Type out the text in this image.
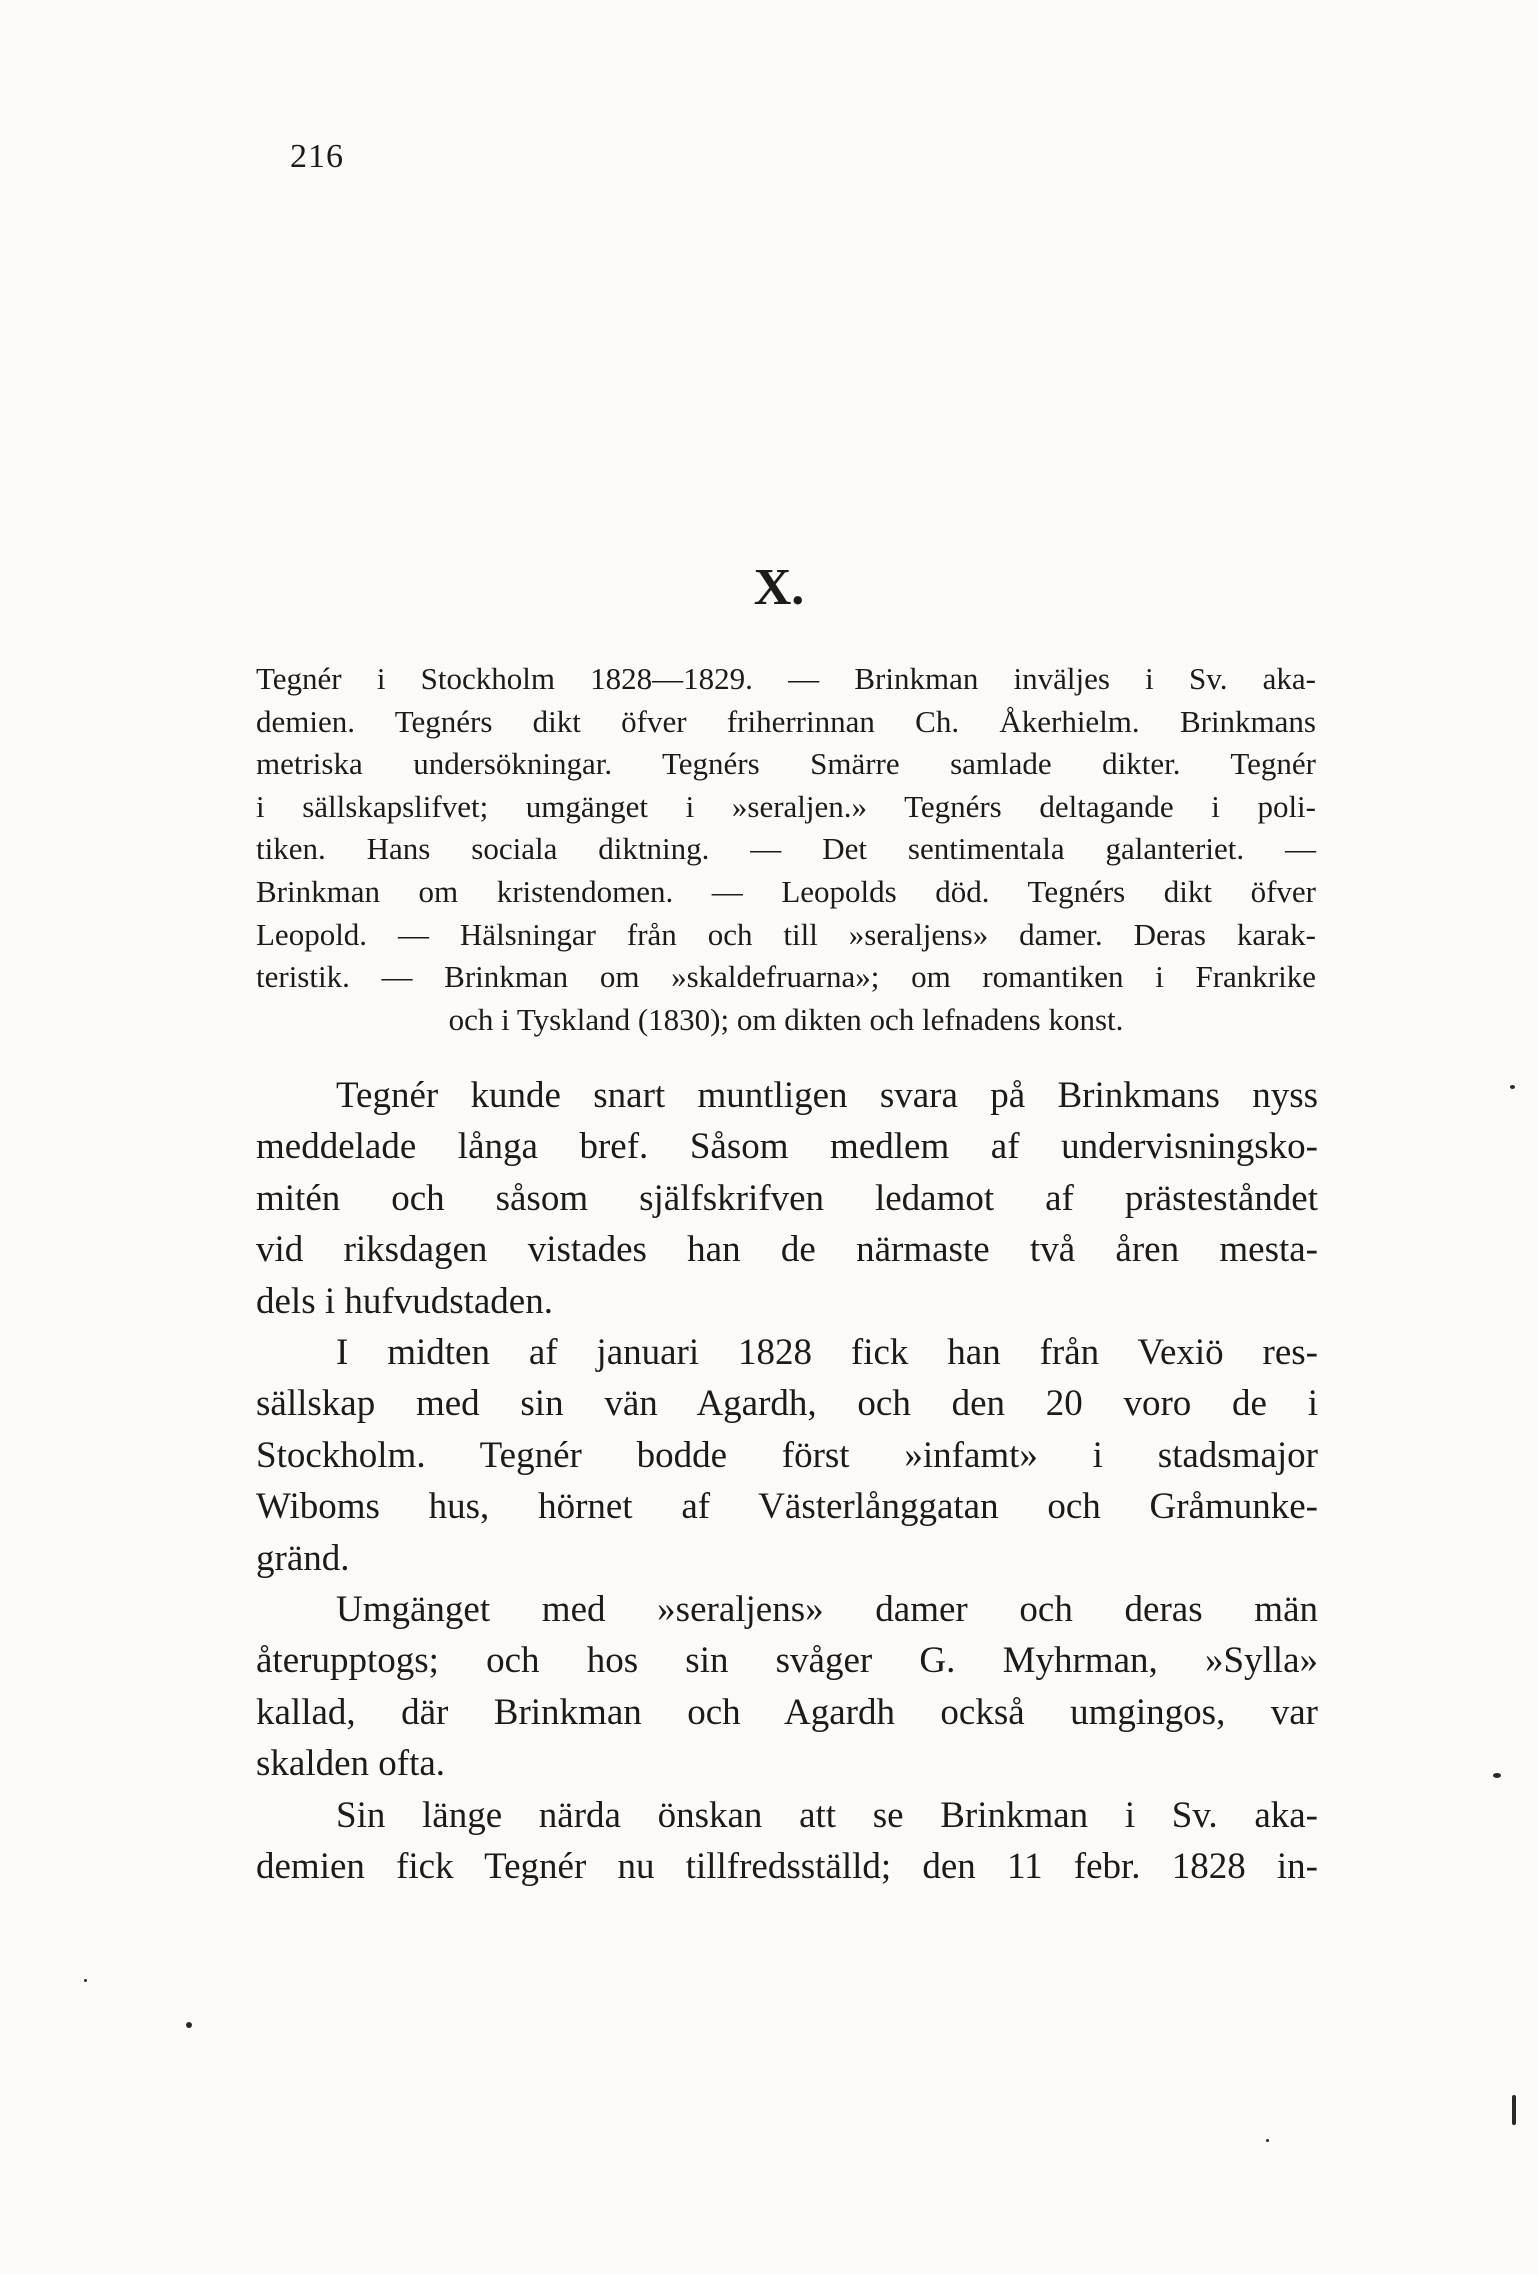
216
X.
Tegnér i Stockholm 1828—1829. — Brinkman inväljes i Sv. aka-
demien. Tegnérs dikt öfver friherrinnan Ch. Åkerhielm. Brinkmans
metriska undersökningar. Tegnérs Smärre samlade dikter. Tegnér
i sällskapslifvet; umgänget i »seraljen.» Tegnérs deltagande i poli-
tiken. Hans sociala diktning. — Det sentimentala galanteriet. —
Brinkman om kristendomen. — Leopolds död. Tegnérs dikt öfver
Leopold. — Hälsningar från och till »seraljens» damer. Deras karak-
teristik. — Brinkman om »skaldefruarna»; om romantiken i Frankrike
och i Tyskland (1830); om dikten och lefnadens konst.
Tegnér kunde snart muntligen svara på Brinkmans nyss
meddelade långa bref. Såsom medlem af undervisningsko-
mitén och såsom själfskrifven ledamot af prästeståndet
vid riksdagen vistades han de närmaste två åren mesta-
dels i hufvudstaden.
I midten af januari 1828 fick han från Vexiö res-
sällskap med sin vän Agardh, och den 20 voro de i
Stockholm. Tegnér bodde först »infamt» i stadsmajor
Wiboms hus, hörnet af Västerlånggatan och Gråmunke-
gränd.
Umgänget med »seraljens» damer och deras män
återupptogs; och hos sin svåger G. Myhrman, »Sylla»
kallad, där Brinkman och Agardh också umgingos, var
skalden ofta.
Sin länge närda önskan att se Brinkman i Sv. aka-
demien fick Tegnér nu tillfredsställd; den 11 febr. 1828 in-
